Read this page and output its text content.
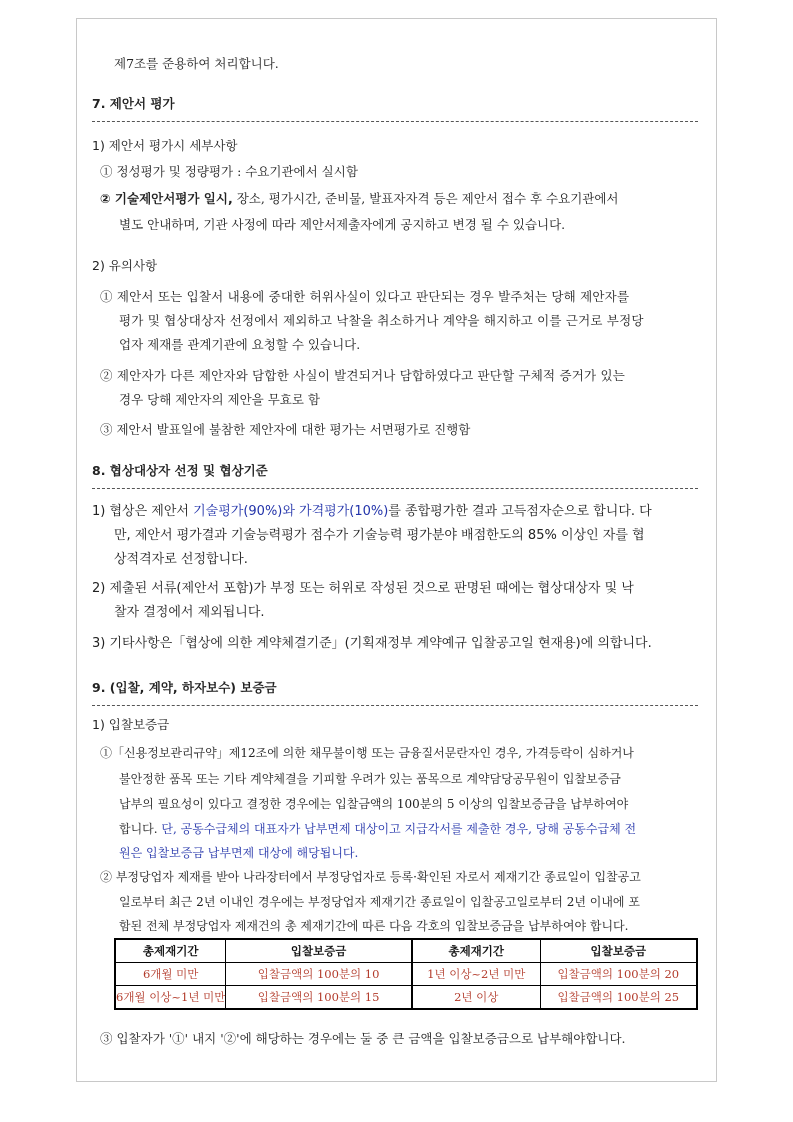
제7조를 준용하여 처리합니다.
7. 제안서 평가
1) 제안서 평가시 세부사항
① 정성평가 및 정량평가 : 수요기관에서 실시함
② 기술제안서평가 일시, 장소, 평가시간, 준비물, 발표자자격 등은 제안서 접수 후 수요기관에서
별도 안내하며, 기관 사정에 따라 제안서제출자에게 공지하고 변경 될 수 있습니다.
2) 유의사항
① 제안서 또는 입찰서 내용에 중대한 허위사실이 있다고 판단되는 경우 발주처는 당해 제안자를
평가 및 협상대상자 선정에서 제외하고 낙찰을 취소하거나 계약을 해지하고 이를 근거로 부정당
업자 제재를 관계기관에 요청할 수 있습니다.
② 제안자가 다른 제안자와 담합한 사실이 발견되거나 담합하였다고 판단할 구체적 증거가 있는
경우 당해 제안자의 제안을 무효로 함
③ 제안서 발표일에 불참한 제안자에 대한 평가는 서면평가로 진행함
8. 협상대상자 선정 및 협상기준
1) 협상은 제안서 기술평가(90%)와 가격평가(10%)를 종합평가한 결과 고득점자순으로 합니다. 다
만, 제안서 평가결과 기술능력평가 점수가 기술능력 평가분야 배점한도의 85% 이상인 자를 협
상적격자로 선정합니다.
2) 제출된 서류(제안서 포함)가 부정 또는 허위로 작성된 것으로 판명된 때에는 협상대상자 및 낙
찰자 결정에서 제외됩니다.
3) 기타사항은「협상에 의한 계약체결기준」(기획재정부 계약예규 입찰공고일 현재용)에 의합니다.
9. (입찰, 계약, 하자보수) 보증금
1) 입찰보증금
①「신용정보관리규약」제12조에 의한 채무불이행 또는 금융질서문란자인 경우, 가격등락이 심하거나
불안정한 품목 또는 기타 계약체결을 기피할 우려가 있는 품목으로 계약담당공무원이 입찰보증금
납부의 필요성이 있다고 결정한 경우에는 입찰금액의 100분의 5 이상의 입찰보증금을 납부하여야
합니다. 단, 공동수급체의 대표자가 납부면제 대상이고 지급각서를 제출한 경우, 당해 공동수급체 전
원은 입찰보증금 납부면제 대상에 해당됩니다.
② 부정당업자 제재를 받아 나라장터에서 부정당업자로 등록·확인된 자로서 제재기간 종료일이 입찰공고
일로부터 최근 2년 이내인 경우에는 부정당업자 제재기간 종료일이 입찰공고일로부터 2년 이내에 포
함된 전체 부정당업자 제재건의 총 제재기간에 따른 다음 각호의 입찰보증금을 납부하여야 합니다.
총제재기간	입찰보증금	총제재기간	입찰보증금
6개월 미만	입찰금액의 100분의 10	1년 이상~2년 미만	입찰금액의 100분의 20
6개월 이상~1년 미만	입찰금액의 100분의 15	2년 이상	입찰금액의 100분의 25
③ 입찰자가 '①' 내지 '②'에 해당하는 경우에는 둘 중 큰 금액을 입찰보증금으로 납부해야합니다.
